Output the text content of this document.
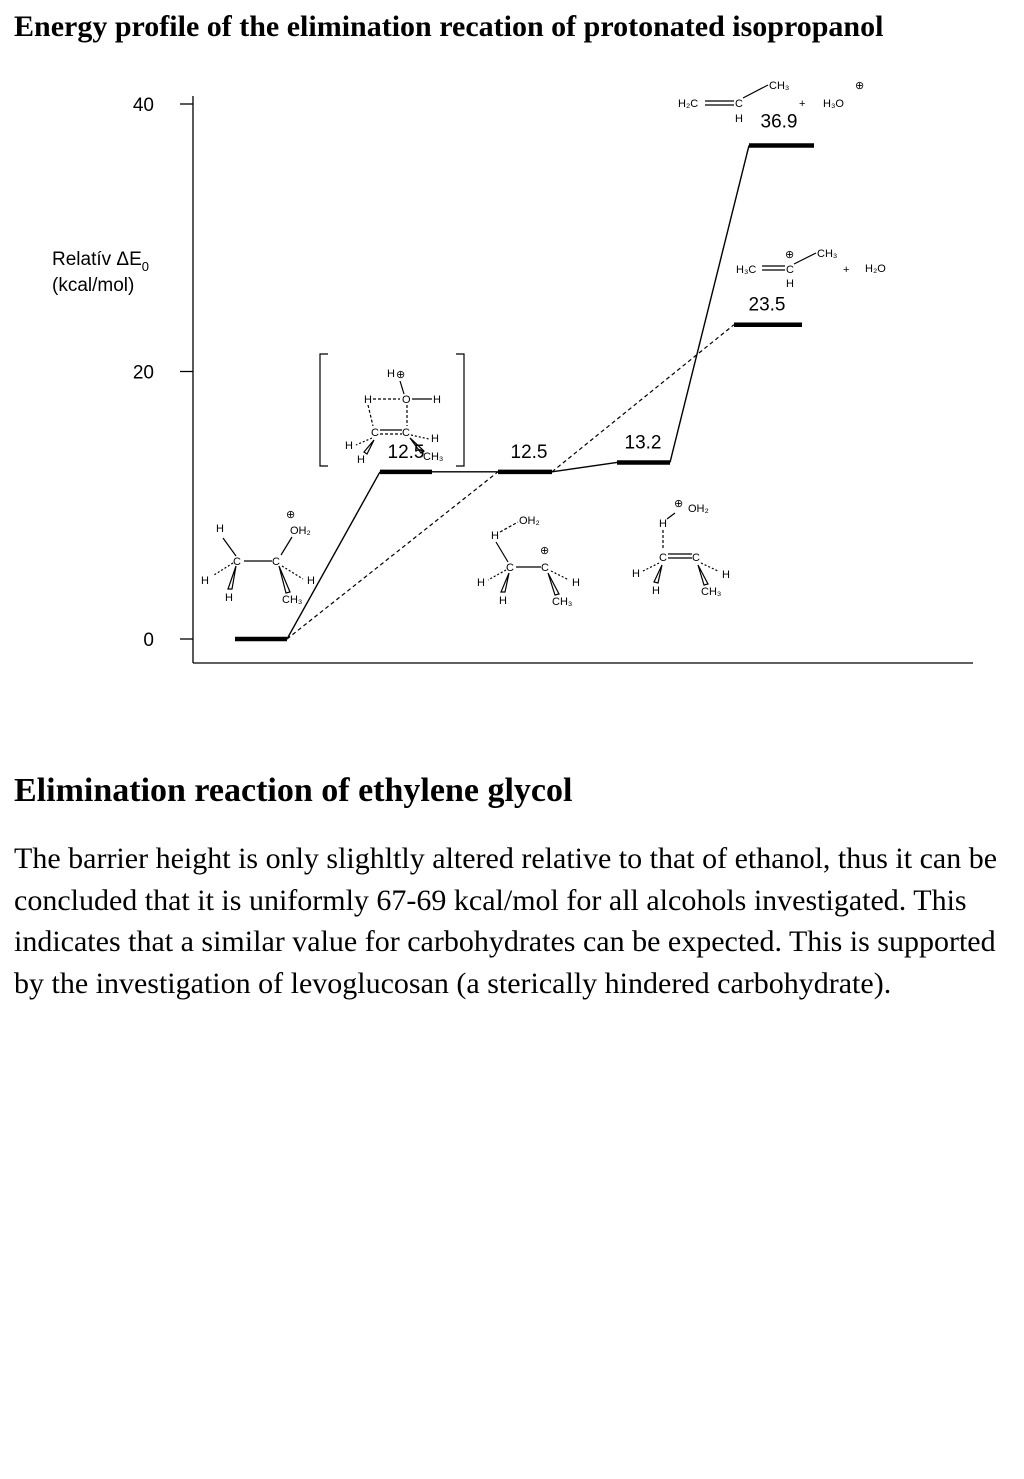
Energy profile of the elimination recation of protonated isopropanol
0
20
40
Relatív $\Delta E_0$
(kcal/mol)
12.5	12.5	13.2
36.9
23.5
H
C	C
⊕
OH₂
H
H
H
CH₃
H ⊕
O H
H
C C
H
H
H
CH₃
H
OH₂
C
⊕
C
H
H
H
CH₃
⊕ OH₂
H
C C
H
H
H
CH₃
H₂C	C
CH₃
H
+ H₃O
⊕
H₃C
⊕
C
CH₃
H
+ H₂O
Elimination reaction of ethylene glycol

The barrier height is only slighltly altered relative to that of ethanol, thus it can be concluded that it is uniformly 67-69 kcal/mol for all alcohols investigated. This indicates that a similar value for carbohydrates can be expected. This is supported by the investigation of levoglucosan (a sterically hindered carbohydrate).
